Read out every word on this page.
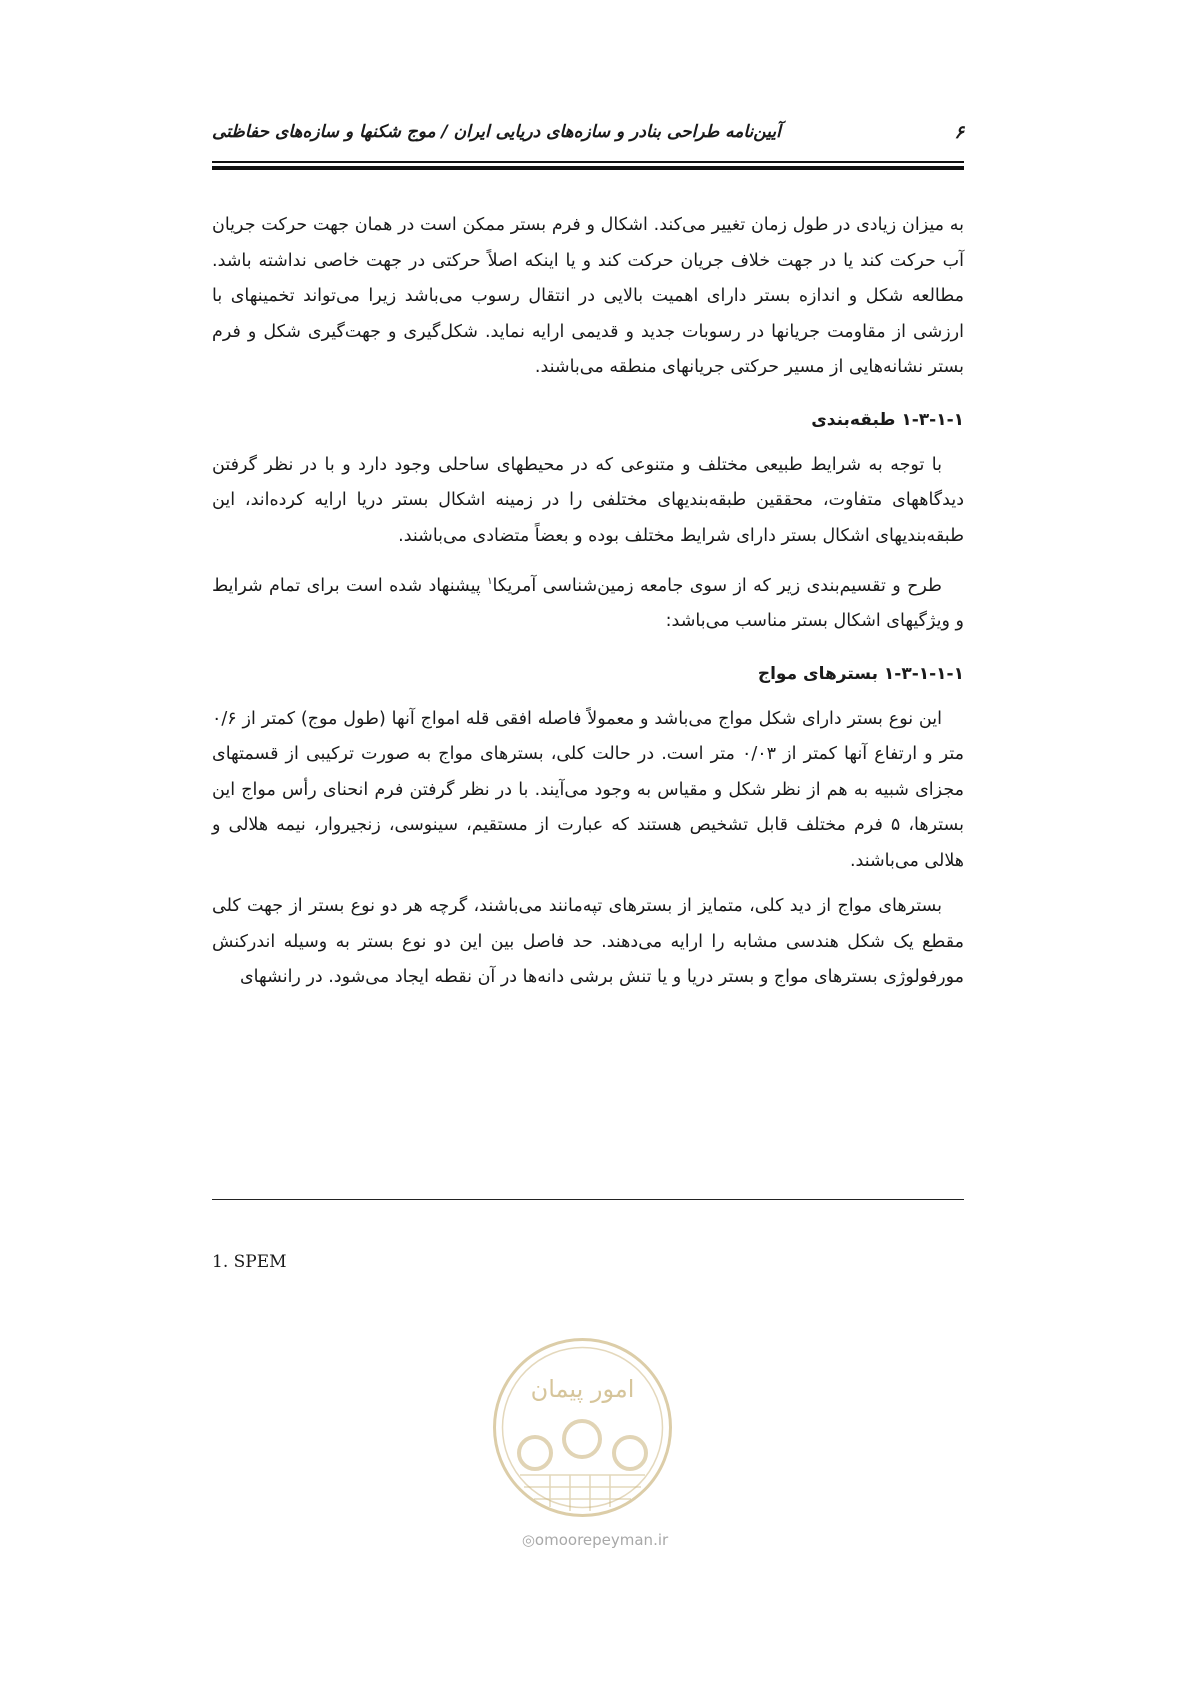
۶
آیین‌نامه طراحی بنادر و سازه‌های دریایی ایران / موج شکنها و سازه‌های حفاظتی

به میزان زیادی در طول زمان تغییر می‌کند. اشکال و فرم بستر ممکن است در همان جهت حرکت جریان آب حرکت کند یا در جهت خلاف جریان حرکت کند و یا اینکه اصلاً حرکتی در جهت خاصی نداشته باشد. مطالعه شکل و اندازه بستر دارای اهمیت بالایی در انتقال رسوب می‌باشد زیرا می‌تواند تخمینهای با ارزشی از مقاومت جریانها در رسوبات جدید و قدیمی ارایه نماید. شکل‌گیری و جهت‌گیری شکل و فرم بستر نشانه‌هایی از مسیر حرکتی جریانهای منطقه می‌باشند.

۱-۳-۱-۱ طبقه‌بندی

با توجه به شرایط طبیعی مختلف و متنوعی که در محیطهای ساحلی وجود دارد و با در نظر گرفتن دیدگاههای متفاوت، محققین طبقه‌بندیهای مختلفی را در زمینه اشکال بستر دریا ارایه کرده‌اند، این طبقه‌بندیهای اشکال بستر دارای شرایط مختلف بوده و بعضاً متضادی می‌باشند.

طرح و تقسیم‌بندی زیر که از سوی جامعه زمین‌شناسی آمریکا$^۱$ پیشنهاد شده است برای تمام شرایط و ویژگیهای اشکال بستر مناسب می‌باشد:

۱-۳-۱-۱-۱ بسترهای مواج

این نوع بستر دارای شکل مواج می‌باشد و معمولاً فاصله افقی قله امواج آنها (طول موج) کمتر از ۰/۶ متر و ارتفاع آنها کمتر از ۰/۰۳ متر است. در حالت کلی، بسترهای مواج به صورت ترکیبی از قسمتهای مجزای شبیه به هم از نظر شکل و مقیاس به وجود می‌آیند. با در نظر گرفتن فرم انحنای رأس مواج این بسترها، ۵ فرم مختلف قابل تشخیص هستند که عبارت از مستقیم، سینوسی، زنجیروار، نیمه هلالی و هلالی می‌باشند.

بسترهای مواج از دید کلی، متمایز از بسترهای تپه‌مانند می‌باشند، گرچه هر دو نوع بستر از جهت کلی مقطع یک شکل هندسی مشابه را ارایه می‌دهند. حد فاصل بین این دو نوع بستر به وسیله اندرکنش مورفولوژی بسترهای مواج و بستر دریا و یا تنش برشی دانه‌ها در آن نقطه ایجاد می‌شود. در رانشهای

1. SPEM
امور پیمان
◎omoorepeyman.ir
